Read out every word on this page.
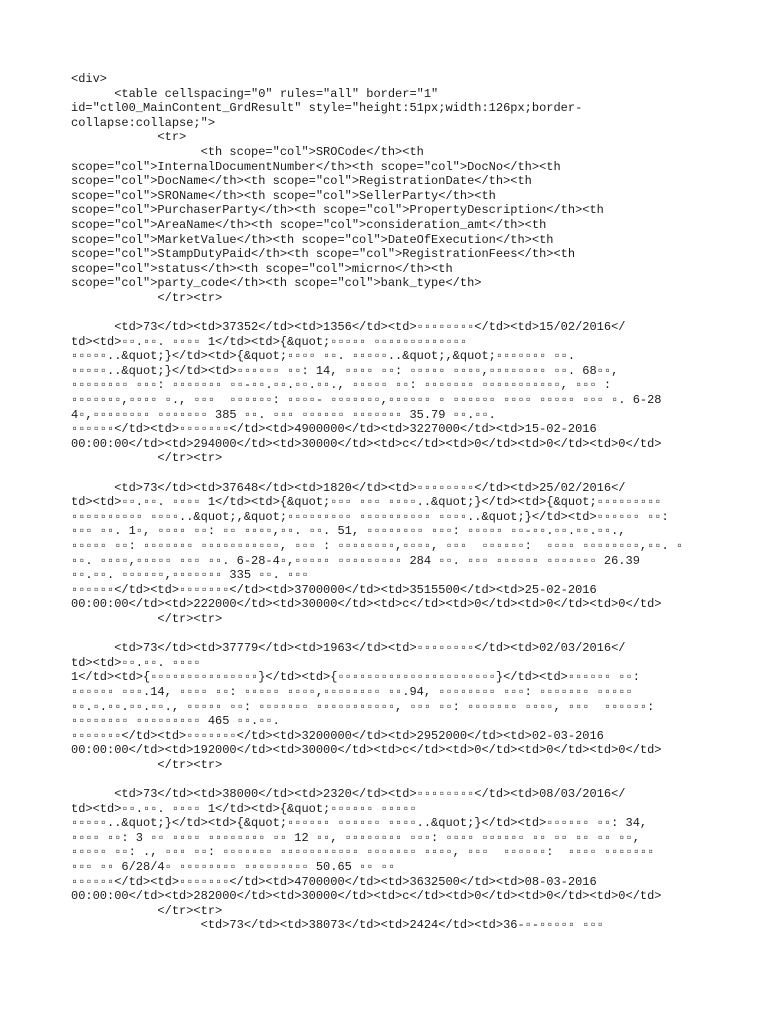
<div>
<table cellspacing="0" rules="all" border="1"
id="ctl00_MainContent_GrdResult" style="height:51px;width:126px;border-
collapse:collapse;">
<tr>
<th scope="col">SROCode</th><th
scope="col">InternalDocumentNumber</th><th scope="col">DocNo</th><th
scope="col">DocName</th><th scope="col">RegistrationDate</th><th
scope="col">SROName</th><th scope="col">SellerParty</th><th
scope="col">PurchaserParty</th><th scope="col">PropertyDescription</th><th
scope="col">AreaName</th><th scope="col">consideration_amt</th><th
scope="col">MarketValue</th><th scope="col">DateOfExecution</th><th
scope="col">StampDutyPaid</th><th scope="col">RegistrationFees</th><th
scope="col">status</th><th scope="col">micrno</th><th
scope="col">party_code</th><th scope="col">bank_type</th>
</tr><tr>
<td>73</td><td>37352</td><td>1356</td><td>▫▫▫▫▫▫▫▫</td><td>15/02/2016</
td><td>▫▫.▫▫. ▫▫▫▫ 1</td><td>{&quot;▫▫▫▫▫ ▫▫▫▫▫▫▫▫▫▫▫▫▫
▫▫▫▫▫..&quot;}</td><td>{&quot;▫▫▫▫ ▫▫. ▫▫▫▫▫..&quot;,&quot;▫▫▫▫▫▫▫ ▫▫.
▫▫▫▫▫..&quot;}</td><td>▫▫▫▫▫▫ ▫▫: 14, ▫▫▫▫ ▫▫: ▫▫▫▫▫ ▫▫▫▫,▫▫▫▫▫▫▫▫ ▫▫. 68▫▫,
▫▫▫▫▫▫▫▫ ▫▫▫: ▫▫▫▫▫▫▫ ▫▫-▫▫.▫▫.▫▫.▫▫., ▫▫▫▫▫ ▫▫: ▫▫▫▫▫▫▫ ▫▫▫▫▫▫▫▫▫▫▫, ▫▫▫ :
▫▫▫▫▫▫▫,▫▫▫▫ ▫., ▫▫▫  ▫▫▫▫▫▫: ▫▫▫▫- ▫▫▫▫▫▫▫,▫▫▫▫▫▫ ▫ ▫▫▫▫▫▫ ▫▫▫▫ ▫▫▫▫▫ ▫▫▫ ▫. 6-28
4▫,▫▫▫▫▫▫▫▫ ▫▫▫▫▫▫▫ 385 ▫▫. ▫▫▫ ▫▫▫▫▫▫ ▫▫▫▫▫▫▫ 35.79 ▫▫.▫▫.
▫▫▫▫▫▫</td><td>▫▫▫▫▫▫▫</td><td>4900000</td><td>3227000</td><td>15-02-2016
00:00:00</td><td>294000</td><td>30000</td><td>c</td><td>0</td><td>0</td><td>0</td>
</tr><tr>
<td>73</td><td>37648</td><td>1820</td><td>▫▫▫▫▫▫▫▫</td><td>25/02/2016</
td><td>▫▫.▫▫. ▫▫▫▫ 1</td><td>{&quot;▫▫▫ ▫▫▫ ▫▫▫▫..&quot;}</td><td>{&quot;▫▫▫▫▫▫▫▫▫
▫▫▫▫▫▫▫▫▫▫ ▫▫▫▫..&quot;,&quot;▫▫▫▫▫▫▫▫▫ ▫▫▫▫▫▫▫▫▫▫ ▫▫▫▫..&quot;}</td><td>▫▫▫▫▫▫ ▫▫:
▫▫▫ ▫▫. 1▫, ▫▫▫▫ ▫▫: ▫▫ ▫▫▫▫,▫▫. ▫▫. 51, ▫▫▫▫▫▫▫▫ ▫▫▫: ▫▫▫▫▫ ▫▫-▫▫.▫▫.▫▫.▫▫.,
▫▫▫▫▫ ▫▫: ▫▫▫▫▫▫▫ ▫▫▫▫▫▫▫▫▫▫▫, ▫▫▫ : ▫▫▫▫▫▫▫▫,▫▫▫▫, ▫▫▫  ▫▫▫▫▫▫:  ▫▫▫▫ ▫▫▫▫▫▫▫▫,▫▫. ▫
▫▫. ▫▫▫▫,▫▫▫▫▫ ▫▫▫ ▫▫. 6-28-4▫,▫▫▫▫▫ ▫▫▫▫▫▫▫▫▫ 284 ▫▫. ▫▫▫ ▫▫▫▫▫▫ ▫▫▫▫▫▫▫ 26.39
▫▫.▫▫. ▫▫▫▫▫▫,▫▫▫▫▫▫▫ 335 ▫▫. ▫▫▫
▫▫▫▫▫▫</td><td>▫▫▫▫▫▫▫</td><td>3700000</td><td>3515500</td><td>25-02-2016
00:00:00</td><td>222000</td><td>30000</td><td>c</td><td>0</td><td>0</td><td>0</td>
</tr><tr>
<td>73</td><td>37779</td><td>1963</td><td>▫▫▫▫▫▫▫▫</td><td>02/03/2016</
td><td>▫▫.▫▫. ▫▫▫▫
1</td><td>{▫▫▫▫▫▫▫▫▫▫▫▫▫▫▫}</td><td>{▫▫▫▫▫▫▫▫▫▫▫▫▫▫▫▫▫▫▫▫▫▫}</td><td>▫▫▫▫▫▫ ▫▫:
▫▫▫▫▫▫ ▫▫▫.14, ▫▫▫▫ ▫▫: ▫▫▫▫▫ ▫▫▫▫,▫▫▫▫▫▫▫▫ ▫▫.94, ▫▫▫▫▫▫▫▫ ▫▫▫: ▫▫▫▫▫▫▫ ▫▫▫▫▫
▫▫.▫.▫▫.▫▫.▫▫., ▫▫▫▫▫ ▫▫: ▫▫▫▫▫▫▫ ▫▫▫▫▫▫▫▫▫▫▫, ▫▫▫ ▫▫: ▫▫▫▫▫▫▫ ▫▫▫▫, ▫▫▫  ▫▫▫▫▫▫:
▫▫▫▫▫▫▫▫ ▫▫▫▫▫▫▫▫▫ 465 ▫▫.▫▫.
▫▫▫▫▫▫▫</td><td>▫▫▫▫▫▫▫</td><td>3200000</td><td>2952000</td><td>02-03-2016
00:00:00</td><td>192000</td><td>30000</td><td>c</td><td>0</td><td>0</td><td>0</td>
</tr><tr>
<td>73</td><td>38000</td><td>2320</td><td>▫▫▫▫▫▫▫▫</td><td>08/03/2016</
td><td>▫▫.▫▫. ▫▫▫▫ 1</td><td>{&quot;▫▫▫▫▫▫ ▫▫▫▫▫
▫▫▫▫▫..&quot;}</td><td>{&quot;▫▫▫▫▫▫ ▫▫▫▫▫▫ ▫▫▫▫..&quot;}</td><td>▫▫▫▫▫▫ ▫▫: 34,
▫▫▫▫ ▫▫: 3 ▫▫ ▫▫▫▫ ▫▫▫▫▫▫▫▫ ▫▫ 12 ▫▫, ▫▫▫▫▫▫▫▫ ▫▫▫: ▫▫▫▫ ▫▫▫▫▫▫ ▫▫ ▫▫ ▫▫ ▫▫ ▫▫,
▫▫▫▫▫ ▫▫: ., ▫▫▫ ▫▫: ▫▫▫▫▫▫▫ ▫▫▫▫▫▫▫▫▫▫▫ ▫▫▫▫▫▫▫ ▫▫▫▫, ▫▫▫  ▫▫▫▫▫▫:  ▫▫▫▫ ▫▫▫▫▫▫▫
▫▫▫ ▫▫ 6/28/4▫ ▫▫▫▫▫▫▫▫ ▫▫▫▫▫▫▫▫▫ 50.65 ▫▫ ▫▫
▫▫▫▫▫▫</td><td>▫▫▫▫▫▫▫</td><td>4700000</td><td>3632500</td><td>08-03-2016
00:00:00</td><td>282000</td><td>30000</td><td>c</td><td>0</td><td>0</td><td>0</td>
</tr><tr>
<td>73</td><td>38073</td><td>2424</td><td>36-▫-▫▫▫▫▫ ▫▫▫
